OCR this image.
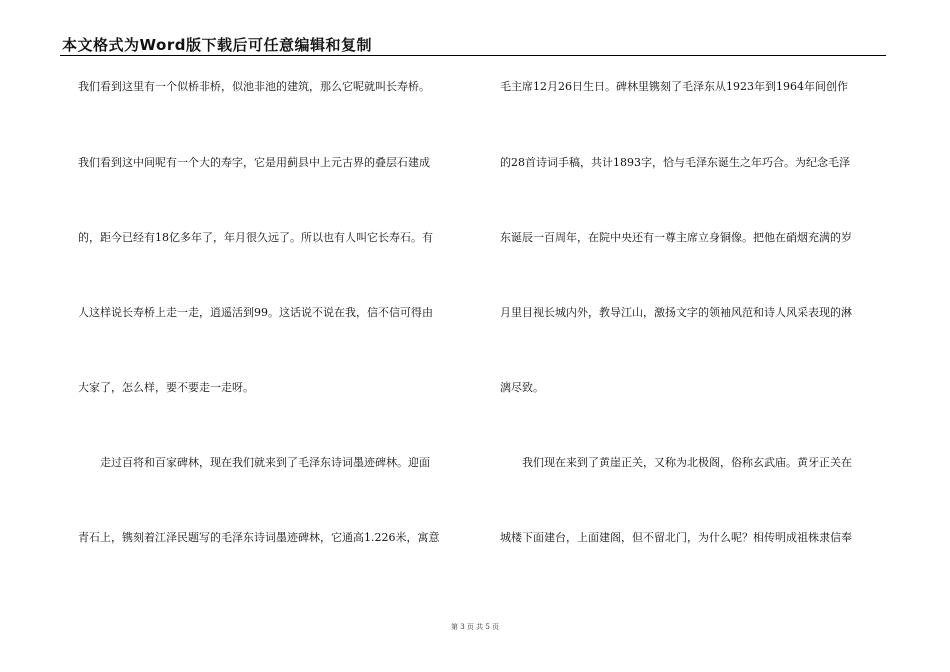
本文格式为Word版下载后可任意编辑和复制
我们看到这里有一个似桥非桥，似池非池的建筑，那么它呢就叫长寿桥。
我们看到这中间呢有一个大的寿字，它是用蓟县中上元古界的叠层石建成
的，距今已经有18亿多年了，年月很久远了。所以也有人叫它长寿石。有
人这样说长寿桥上走一走，逍遥活到99。这话说不说在我，信不信可得由
大家了，怎么样，要不要走一走呀。
走过百将和百家碑林，现在我们就来到了毛泽东诗词墨迹碑林。迎面
青石上，镌刻着江泽民题写的毛泽东诗词墨迹碑林，它通高1.226米，寓意
毛主席12月26日生日。碑林里镌刻了毛泽东从1923年到1964年间创作
的28首诗词手稿，共计1893字，恰与毛泽东诞生之年巧合。为纪念毛泽
东诞辰一百周年，在院中央还有一尊主席立身铜像。把他在硝烟充满的岁
月里目视长城内外，教导江山，激扬文字的领袖风范和诗人风采表现的淋
漓尽致。
我们现在来到了黄崖正关，又称为北极阁，俗称玄武庙。黄牙正关在
城楼下面建台，上面建阁，但不留北门，为什么呢？相传明成祖株隶信奉
第 3 页 共 5 页
